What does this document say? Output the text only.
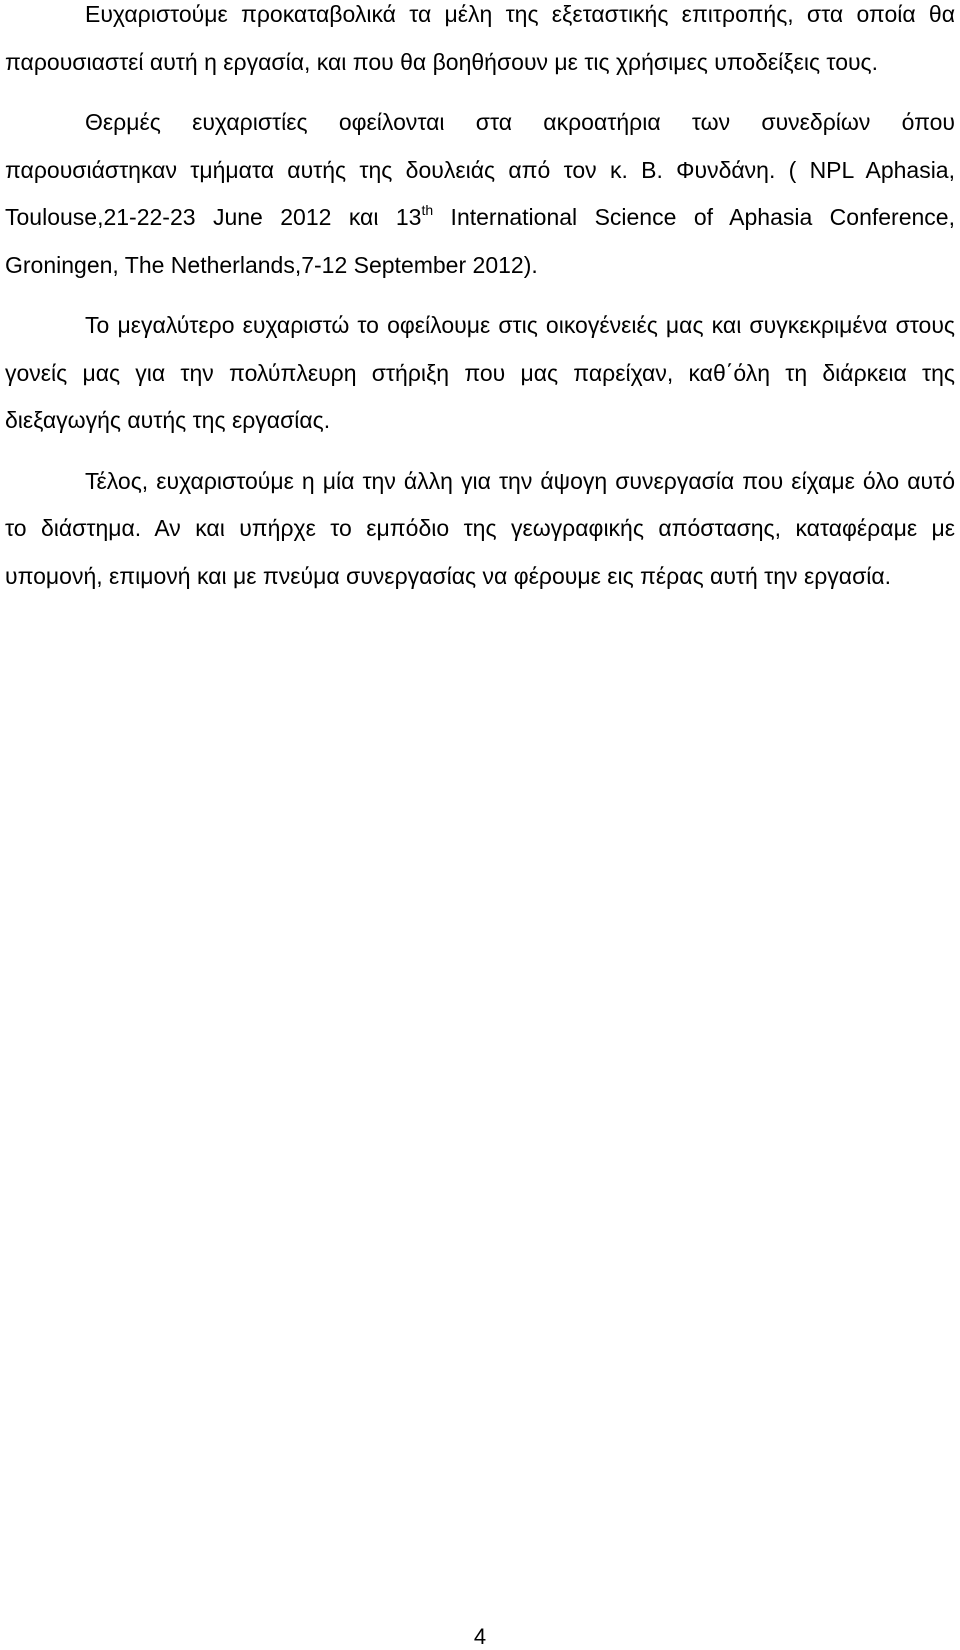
Ευχαριστούμε προκαταβολικά τα μέλη της εξεταστικής επιτροπής, στα οποία θα παρουσιαστεί αυτή η εργασία, και που θα βοηθήσουν με τις χρήσιμες υποδείξεις τους.

Θερμές ευχαριστίες οφείλονται στα ακροατήρια των συνεδρίων όπου παρουσιάστηκαν τμήματα αυτής της δουλειάς από τον κ. Β. Φυνδάνη. ( NPL Aphasia, Toulouse,21-22-23 June 2012 και 13th International Science of Aphasia Conference, Groningen, The Netherlands,7-12 September 2012).

Το μεγαλύτερο ευχαριστώ το οφείλουμε στις οικογένειές μας και συγκεκριμένα στους γονείς μας για την πολύπλευρη στήριξη που μας παρείχαν, καθ΄όλη τη διάρκεια της διεξαγωγής αυτής της εργασίας.

Τέλος, ευχαριστούμε η μία την άλλη για την άψογη συνεργασία που είχαμε όλο αυτό το διάστημα. Αν και υπήρχε το εμπόδιο της γεωγραφικής απόστασης, καταφέραμε με υπομονή, επιμονή και με πνεύμα συνεργασίας να φέρουμε εις πέρας αυτή την εργασία.

4
